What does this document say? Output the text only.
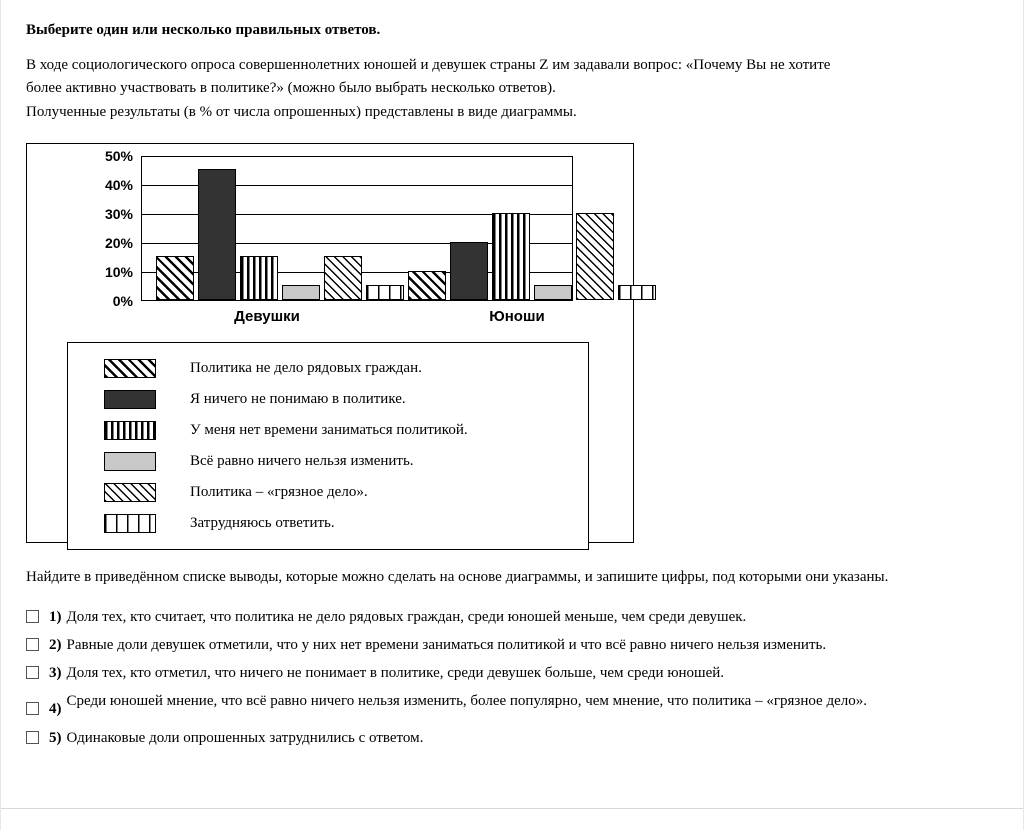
Выберите один или несколько правильных ответов.
В ходе социологического опроса совершеннолетних юношей и девушек страны Z им задавали вопрос: «Почему Вы не хотите
более активно участвовать в политике?» (можно было выбрать несколько ответов).
Полученные результаты (в % от числа опрошенных) представлены в виде диаграммы.
0%
10%
20%
30%
40%
50%
Девушки	Юноши
Политика не дело рядовых граждан.
Я ничего не понимаю в политике.
У меня нет времени заниматься политикой.
Всё равно ничего нельзя изменить.
Политика – «грязное дело».
Затрудняюсь ответить.
Найдите в приведённом списке выводы, которые можно сделать на основе диаграммы, и запишите цифры, под которыми они указаны.
1) Доля тех, кто считает, что политика не дело рядовых граждан, среди юношей меньше, чем среди девушек.
2) Равные доли девушек отметили, что у них нет времени заниматься политикой и что всё равно ничего нельзя изменить.
3) Доля тех, кто отметил, что ничего не понимает в политике, среди девушек больше, чем среди юношей.
4) Среди юношей мнение, что всё равно ничего нельзя изменить, более популярно, чем мнение, что политика – «грязное дело».
5) Одинаковые доли опрошенных затруднились с ответом.
